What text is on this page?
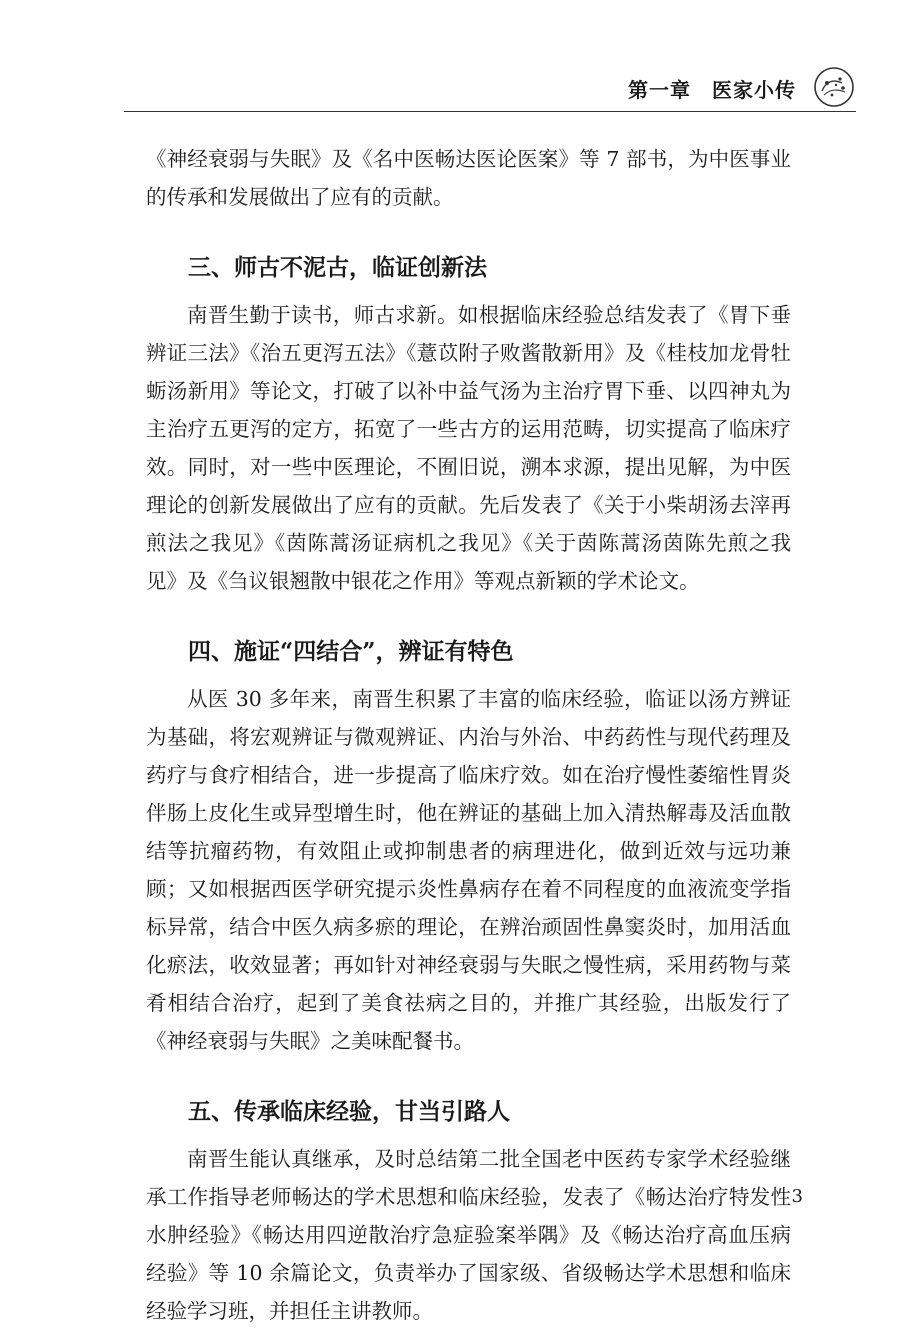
第一章　医家小传

《神经衰弱与失眠》及《名中医畅达医论医案》等 7 部书，为中医事业的传承和发展做出了应有的贡献。

三、师古不泥古，临证创新法

南晋生勤于读书，师古求新。如根据临床经验总结发表了《胃下垂辨证三法》《治五更泻五法》《薏苡附子败酱散新用》及《桂枝加龙骨牡蛎汤新用》等论文，打破了以补中益气汤为主治疗胃下垂、以四神丸为主治疗五更泻的定方，拓宽了一些古方的运用范畴，切实提高了临床疗效。同时，对一些中医理论，不囿旧说，溯本求源，提出见解，为中医理论的创新发展做出了应有的贡献。先后发表了《关于小柴胡汤去滓再煎法之我见》《茵陈蒿汤证病机之我见》《关于茵陈蒿汤茵陈先煎之我见》及《刍议银翘散中银花之作用》等观点新颖的学术论文。

四、施证“四结合”，辨证有特色

从医 30 多年来，南晋生积累了丰富的临床经验，临证以汤方辨证为基础，将宏观辨证与微观辨证、内治与外治、中药药性与现代药理及药疗与食疗相结合，进一步提高了临床疗效。如在治疗慢性萎缩性胃炎伴肠上皮化生或异型增生时，他在辨证的基础上加入清热解毒及活血散结等抗瘤药物，有效阻止或抑制患者的病理进化，做到近效与远功兼顾；又如根据西医学研究提示炎性鼻病存在着不同程度的血液流变学指标异常，结合中医久病多瘀的理论，在辨治顽固性鼻窦炎时，加用活血化瘀法，收效显著；再如针对神经衰弱与失眠之慢性病，采用药物与菜肴相结合治疗，起到了美食祛病之目的，并推广其经验，出版发行了《神经衰弱与失眠》之美味配餐书。

五、传承临床经验，甘当引路人

南晋生能认真继承，及时总结第二批全国老中医药专家学术经验继承工作指导老师畅达的学术思想和临床经验，发表了《畅达治疗特发性水肿经验》《畅达用四逆散治疗急症验案举隅》及《畅达治疗高血压病经验》等 10 余篇论文，负责举办了国家级、省级畅达学术思想和临床经验学习班，并担任主讲教师。

3
